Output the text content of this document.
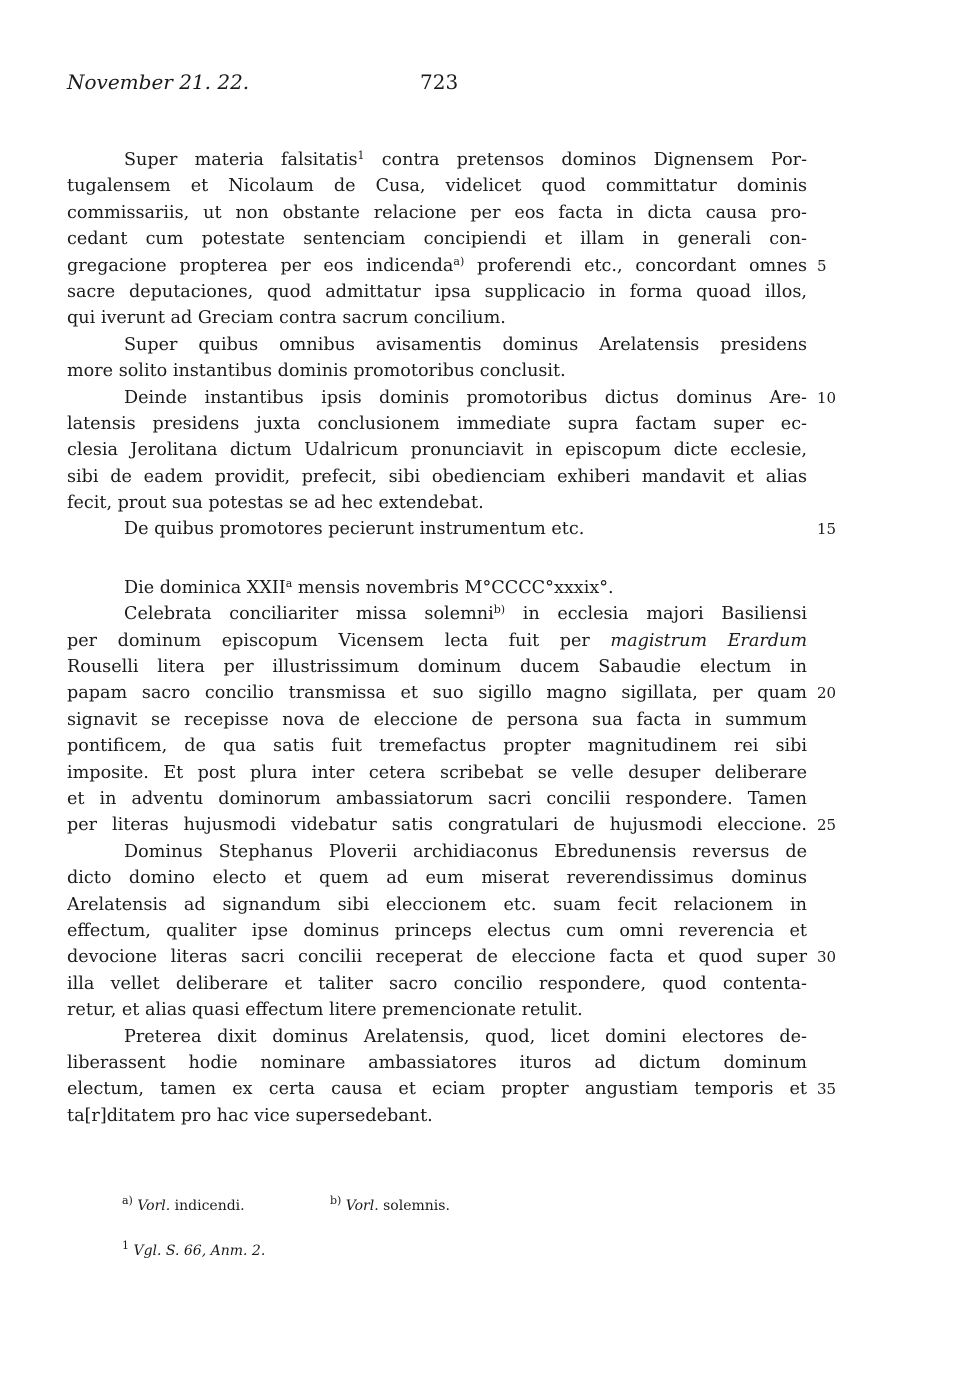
November 21. 22.	723
Super materia falsitatis$^1$ contra pretensos dominos Dignensem Por-
tugalensem et Nicolaum de Cusa, videlicet quod committatur dominis
commissariis, ut non obstante relacione per eos facta in dicta causa pro-
cedant cum potestate sentenciam concipiendi et illam in generali con-
gregacione propterea per eos indicenda$^{a)}$ proferendi etc., concordant omnes 5
sacre deputaciones, quod admittatur ipsa supplicacio in forma quoad illos,
qui iverunt ad Greciam contra sacrum concilium.
Super quibus omnibus avisamentis dominus Arelatensis presidens
more solito instantibus dominis promotoribus conclusit.
Deinde instantibus ipsis dominis promotoribus dictus dominus Are- 10
latensis presidens juxta conclusionem immediate supra factam super ec-
clesia Jerolitana dictum Udalricum pronunciavit in episcopum dicte ecclesie,
sibi de eadem providit, prefecit, sibi obedienciam exhiberi mandavit et alias
fecit, prout sua potestas se ad hec extendebat.
De quibus promotores pecierunt instrumentum etc.	15
Die dominica XXII$^a$ mensis novembris M°CCCC°xxxix°.
Celebrata conciliariter missa solemni$^{b)}$ in ecclesia majori Basiliensi
per dominum episcopum Vicensem lecta fuit per magistrum Erardum
Rouselli litera per illustrissimum dominum ducem Sabaudie electum in
papam sacro concilio transmissa et suo sigillo magno sigillata, per quam 20
signavit se recepisse nova de eleccione de persona sua facta in summum
pontificem, de qua satis fuit tremefactus propter magnitudinem rei sibi
imposite. Et post plura inter cetera scribebat se velle desuper deliberare
et in adventu dominorum ambassiatorum sacri concilii respondere. Tamen
per literas hujusmodi videbatur satis congratulari de hujusmodi eleccione. 25
Dominus Stephanus Ploverii archidiaconus Ebredunensis reversus de
dicto domino electo et quem ad eum miserat reverendissimus dominus
Arelatensis ad signandum sibi eleccionem etc. suam fecit relacionem in
effectum, qualiter ipse dominus princeps electus cum omni reverencia et
devocione literas sacri concilii receperat de eleccione facta et quod super 30
illa vellet deliberare et taliter sacro concilio respondere, quod contenta-
retur, et alias quasi effectum litere premencionate retulit.
Preterea dixit dominus Arelatensis, quod, licet domini electores de-
liberassent hodie nominare ambassiatores ituros ad dictum dominum
electum, tamen ex certa causa et eciam propter angustiam temporis et 35
ta[r]ditatem pro hac vice supersedebant.
$^{a)}$ Vorl. indicendi.	$^{b)}$ Vorl. solemnis.
$^1$ Vgl. S. 66, Anm. 2.
